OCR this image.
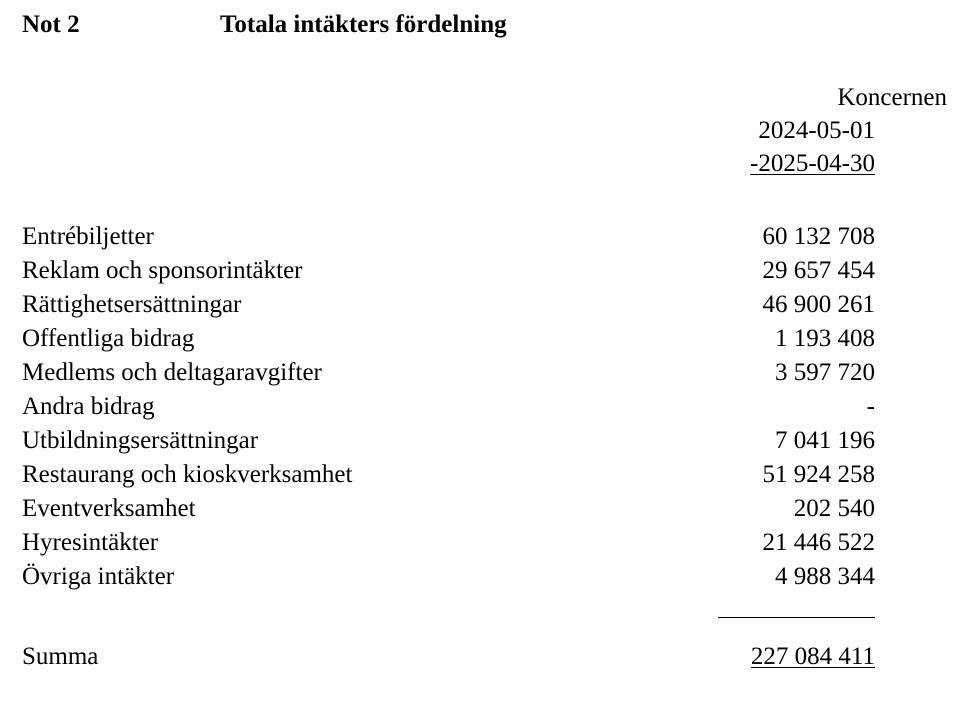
Not 2	Totala intäkters fördelning
Koncernen
2024-05-01
-2025-04-30
Entrébiljetter	60 132 708
Reklam och sponsorintäkter	29 657 454
Rättighetsersättningar	46 900 261
Offentliga bidrag	1 193 408
Medlems och deltagaravgifter	3 597 720
Andra bidrag	-
Utbildningsersättningar	7 041 196
Restaurang och kioskverksamhet	51 924 258
Eventverksamhet	202 540
Hyresintäkter	21 446 522
Övriga intäkter	4 988 344
Summa	227 084 411
